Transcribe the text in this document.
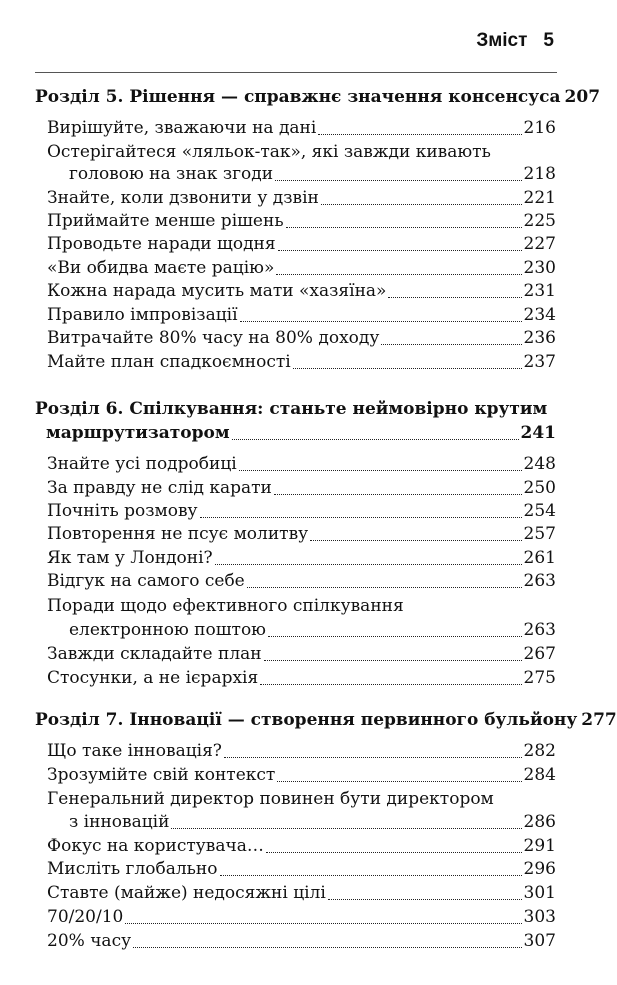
Зміст 5
Розділ 5. Рішення — справжнє значення консенсуса 207
Вирішуйте, зважаючи на дані	216
Остерігайтеся «ляльок-так», які завжди кивають
головою на знак згоди	218
Знайте, коли дзвонити у дзвін	221
Приймайте менше рішень	225
Проводьте наради щодня	227
«Ви обидва маєте рацію»	230
Кожна нарада мусить мати «хазяїна»	231
Правило імпровізації	234
Витрачайте 80% часу на 80% доходу	236
Майте план спадкоємності	237
Розділ 6. Спілкування: станьте неймовірно крутим
маршрутизатором	241
Знайте усі подробиці	248
За правду не слід карати	250
Почніть розмову	254
Повторення не псує молитву	257
Як там у Лондоні?	261
Відгук на самого себе	263
Поради щодо ефективного спілкування
електронною поштою	263
Завжди складайте план	267
Стосунки, а не ієрархія	275
Розділ 7. Інновації — створення первинного бульйону 277
Що таке інновація?	282
Зрозумійте свій контекст	284
Генеральний директор повинен бути директором
з інновацій	286
Фокус на користувача…	291
Мисліть глобально	296
Ставте (майже) недосяжні цілі	301
70/20/10	303
20% часу	307
